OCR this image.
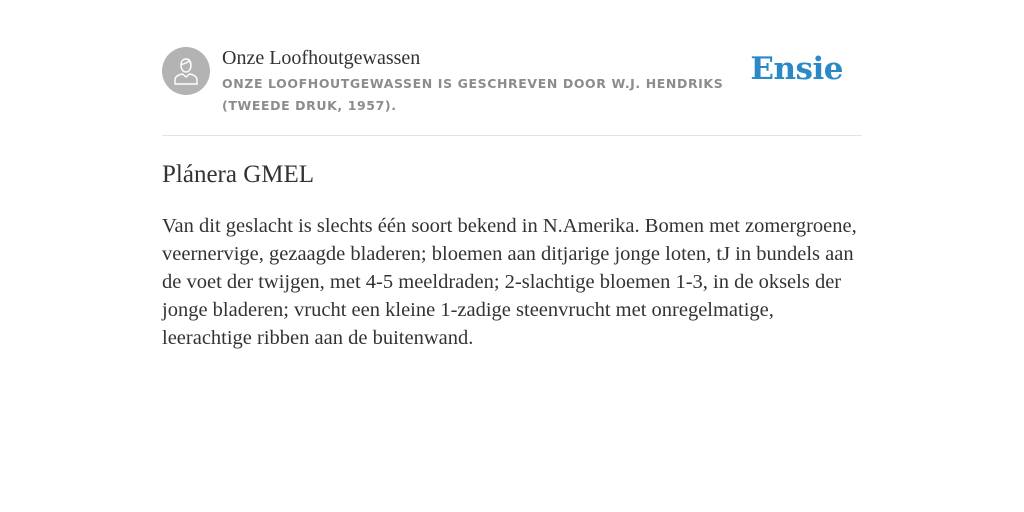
Onze Loofhoutgewassen
ONZE LOOFHOUTGEWASSEN IS GESCHREVEN DOOR W.J. HENDRIKS (TWEEDE DRUK, 1957).
Ensie
Plánera GMEL

Van dit geslacht is slechts één soort bekend in N.Amerika. Bomen met zomergroene, veernervige, gezaagde bladeren; bloemen aan ditjarige jonge loten, tJ in bundels aan de voet der twijgen, met 4-5 meeldraden; 2-slachtige bloemen 1-3, in de oksels der jonge bladeren; vrucht een kleine 1-zadige steenvrucht met onregelmatige, leerachtige ribben aan de buitenwand.
